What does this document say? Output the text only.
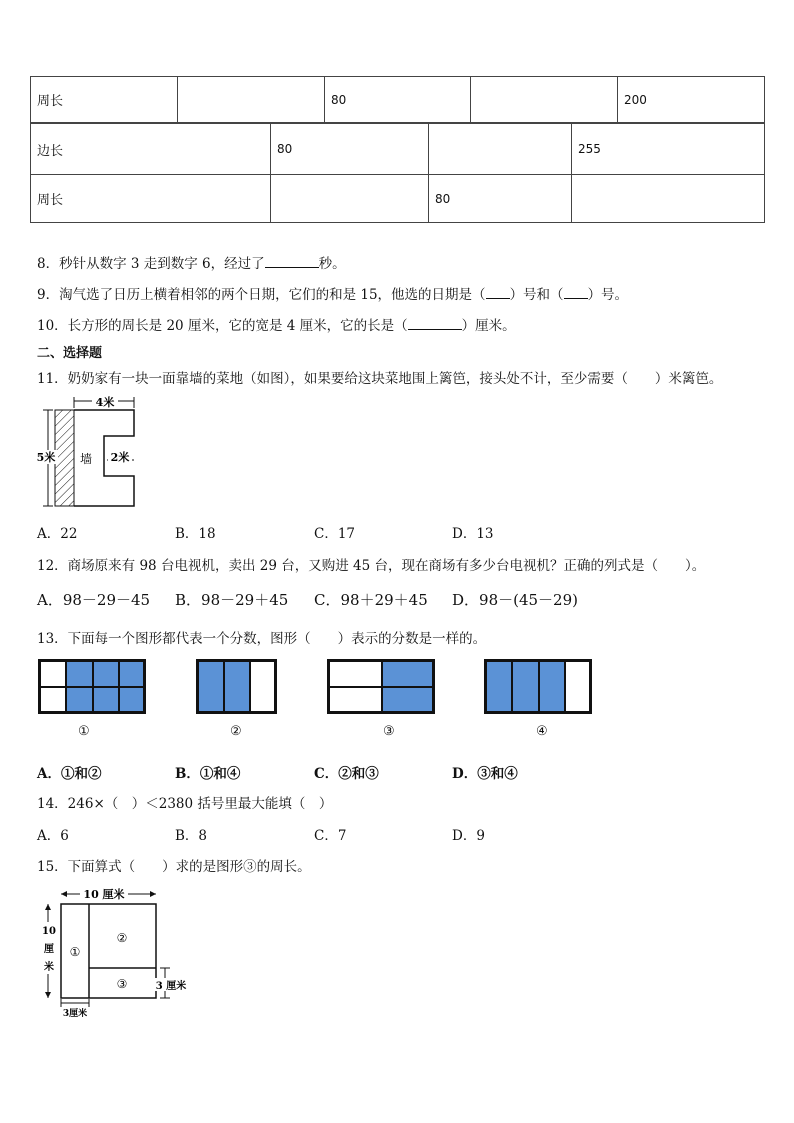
周长		80		200
边长	80		255
周长		80	
8．秒针从数字 3 走到数字 6，经过了	秒。
9．淘气选了日历上横着相邻的两个日期，它们的和是 15，他选的日期是（ ）号和（ ）号。
10．长方形的周长是 20 厘米，它的宽是 4 厘米，它的长是（	）厘米。
二、选择题
11．奶奶家有一块一面靠墙的菜地（如图），如果要给这块菜地围上篱笆，接头处不计，至少需要（　　）米篱笆。
4米
5米 墙 2米
A．22	B．18	C．17	D．13
12．商场原来有 98 台电视机，卖出 29 台，又购进 45 台，现在商场有多少台电视机？正确的列式是（　　）。
A．98－29－45 B．98－29＋45 C．98＋29＋45 D．98－(45－29)
13．下面每一个图形都代表一个分数，图形（　　）表示的分数是一样的。
①	②	③	④
A．①和②	B．①和④	C．②和③	D．③和④
14．246×（　）＜2380 括号里最大能填（　）
A．6	B．8	C．7	D．9
15．下面算式（　　）求的是图形③的周长。
10 厘米
10
厘
米
3 厘米
3厘米
①
②
③
